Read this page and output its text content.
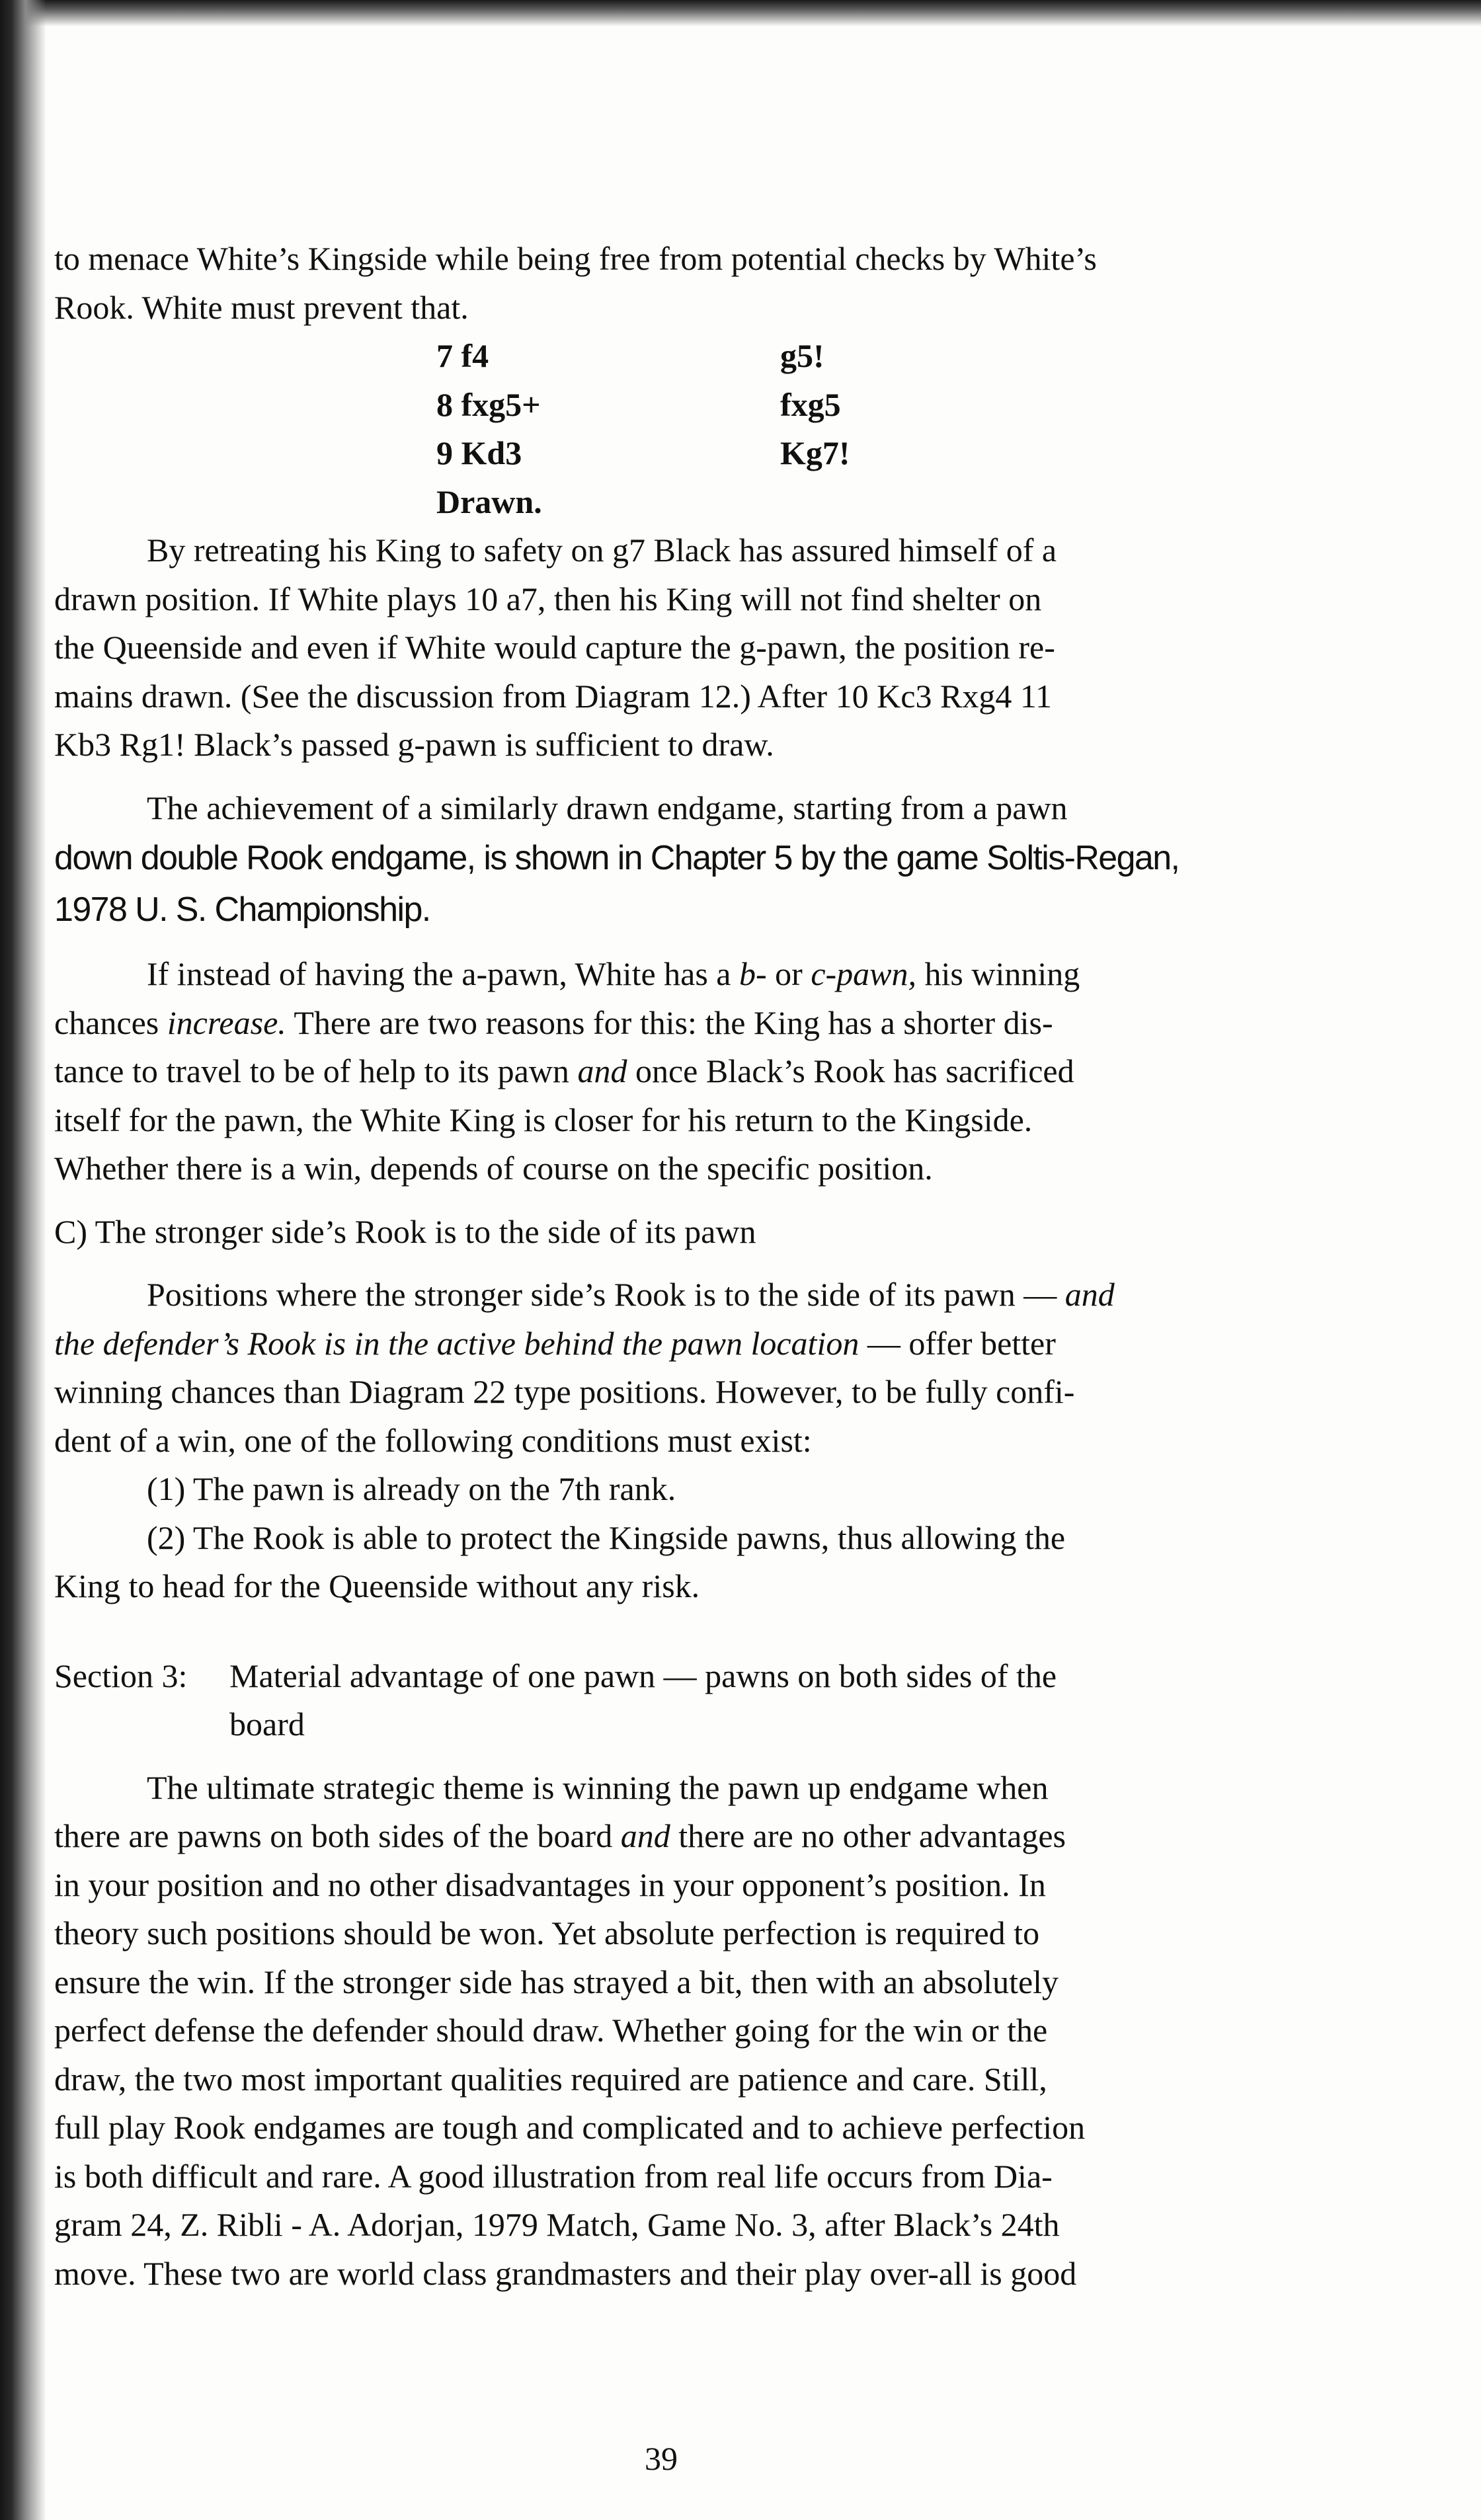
to menace White’s Kingside while being free from potential checks by White’s

Rook. White must prevent that.

7 f4	g5!
8 fxg5+	fxg5
9 Kd3	Kg7!

Drawn.

By retreating his King to safety on g7 Black has assured himself of a

drawn position. If White plays 10 a7, then his King will not find shelter on

the Queenside and even if White would capture the g-pawn, the position re-

mains drawn. (See the discussion from Diagram 12.) After 10 Kc3 Rxg4 11

Kb3 Rg1! Black’s passed g-pawn is sufficient to draw.

The achievement of a similarly drawn endgame, starting from a pawn

down double Rook endgame, is shown in Chapter 5 by the game Soltis-Regan,

1978 U. S. Championship.

If instead of having the a-pawn, White has a b- or c-pawn, his winning

chances increase. There are two reasons for this: the King has a shorter dis-

tance to travel to be of help to its pawn and once Black’s Rook has sacrificed

itself for the pawn, the White King is closer for his return to the Kingside.

Whether there is a win, depends of course on the specific position.

C) The stronger side’s Rook is to the side of its pawn

Positions where the stronger side’s Rook is to the side of its pawn — and

the defender’s Rook is in the active behind the pawn location — offer better

winning chances than Diagram 22 type positions. However, to be fully confi-

dent of a win, one of the following conditions must exist:

(1) The pawn is already on the 7th rank.

(2) The Rook is able to protect the Kingside pawns, thus allowing the

King to head for the Queenside without any risk.

Section 3:	Material advantage of one pawn — pawns on both sides of the
board

The ultimate strategic theme is winning the pawn up endgame when

there are pawns on both sides of the board and there are no other advantages

in your position and no other disadvantages in your opponent’s position. In

theory such positions should be won. Yet absolute perfection is required to

ensure the win. If the stronger side has strayed a bit, then with an absolutely

perfect defense the defender should draw. Whether going for the win or the

draw, the two most important qualities required are patience and care. Still,

full play Rook endgames are tough and complicated and to achieve perfection

is both difficult and rare. A good illustration from real life occurs from Dia-

gram 24, Z. Ribli - A. Adorjan, 1979 Match, Game No. 3, after Black’s 24th

move. These two are world class grandmasters and their play over-all is good

39
